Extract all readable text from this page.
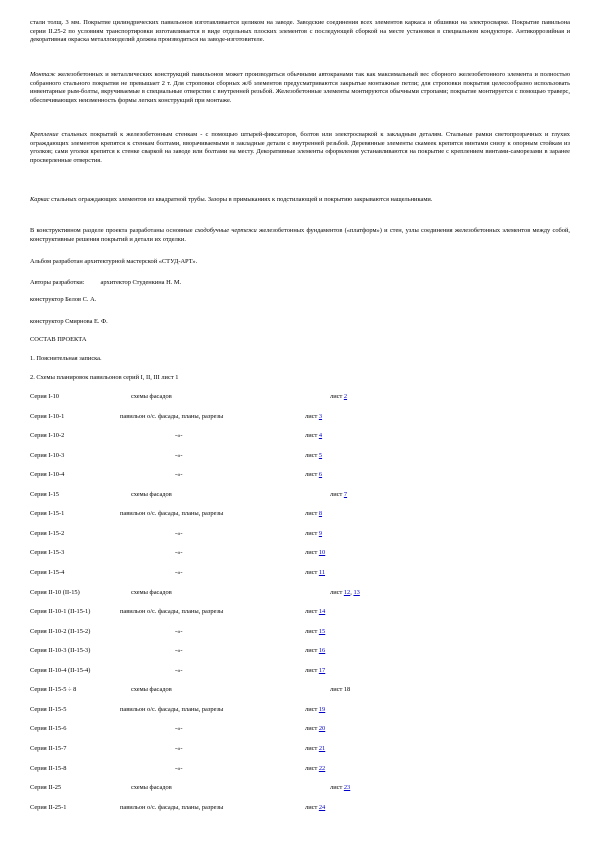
стали толщ. 3 мм. Покрытие цилиндрических павильонов изготавливается целиком на заводе. Заводские соединения всех элементов каркаса и обшивки на электросварке. Покрытие павильона серии II.25-2 по условиям транспортировки изготавливается в виде отдельных плоских элементов с последующей сборкой на месте установки в специальном кондукторе. Антикоррозийная и декоративная окраска металлоизделий должна производиться на заводе-изготовителе.

Монтаж железобетонных и металлических конструкций павильонов может производиться обычными автокранами так как максимальный вес сборного железобетонного элемента и полностью собранного стального покрытия не превышает 2 т. Для строповки сборных ж/б элементов предусматриваются закрытые монтажные петли; для строповки покрытия целесообразно использовать инвентарные рым-болты, вкручиваемые в специальные отверстия с внутренней резьбой. Железобетонные элементы монтируются обычными стропами; покрытие монтируется с помощью траверс, обеспечивающих неизменность формы легких конструкций при монтаже.

Крепление стальных покрытий к железобетонным стенкам - с помощью штырей-фиксаторов, болтов или электросваркой к закладным деталям. Стальные рамки светопрозрачных и глухих ограждающих элементов крепятся к стенкам болтами, вворачиваемыми в закладные детали с внутренней резьбой. Деревянные элементы скамеек крепятся винтами снизу к опорным стойкам из уголков; сами уголки крепятся к стенке сваркой на заводе или болтами на месту. Декоративные элементы оформления устанавливаются на покрытие с креплением винтами-саморезами в заранее просверленные отверстия.

Каркас стальных ограждающих элементов из квадратной трубы. Зазоры в примыканиях к подстилающей и покрытию закрываются нащельниками.

В конструктивном разделе проекта разработаны основные сходобучные чертежи железобетонных фундаментов («платформ») и стен, узлы соединения железобетонных элементов между собой, конструктивные решения покрытий и детали их отделки.

Альбом разработан архитектурной мастерской «СТУД-АРТ».

Авторы разработки:	архитектор Студенкина Н. М.

конструктор Белов С. А.

конструктор Смирнова Е. Ф.

СОСТАВ ПРОЕКТА

1. Пояснительная записка.

2. Схемы планировок павильонов серий I, II, III лист 1

Серия I-10	схемы фасадов	лист 2
Серия I-10-1	павильон о/с. фасады, планы, разрезы	лист 3
Серия I-10-2	-«-	лист 4
Серия I-10-3	-«-	лист 5
Серия I-10-4	-«-	лист 6
Серия I-15	схемы фасадов	лист 7
Серия I-15-1	павильон о/с. фасады, планы, разрезы	лист 8
Серия I-15-2	-«-	лист 9
Серия I-15-3	-«-	лист 10
Серия I-15-4	-«-	лист 11
Серия II-10 (II-15)	схемы фасадов	лист 12, 13
Серия II-10-1 (II-15-1)	павильон о/с. фасады, планы, разрезы	лист 14
Серия II-10-2 (II-15-2)	-«-	лист 15
Серия II-10-3 (II-15-3)	-«-	лист 16
Серия II-10-4 (II-15-4)	-«-	лист 17
Серия II-15-5 ÷ 8	схемы фасадов	лист 18
Серия II-15-5	павильон о/с. фасады, планы, разрезы	лист 19
Серия II-15-6	-«-	лист 20
Серия II-15-7	-«-	лист 21
Серия II-15-8	-«-	лист 22
Серия II-25	схемы фасадов	лист 23
Серия II-25-1	павильон о/с. фасады, планы, разрезы	лист 24
